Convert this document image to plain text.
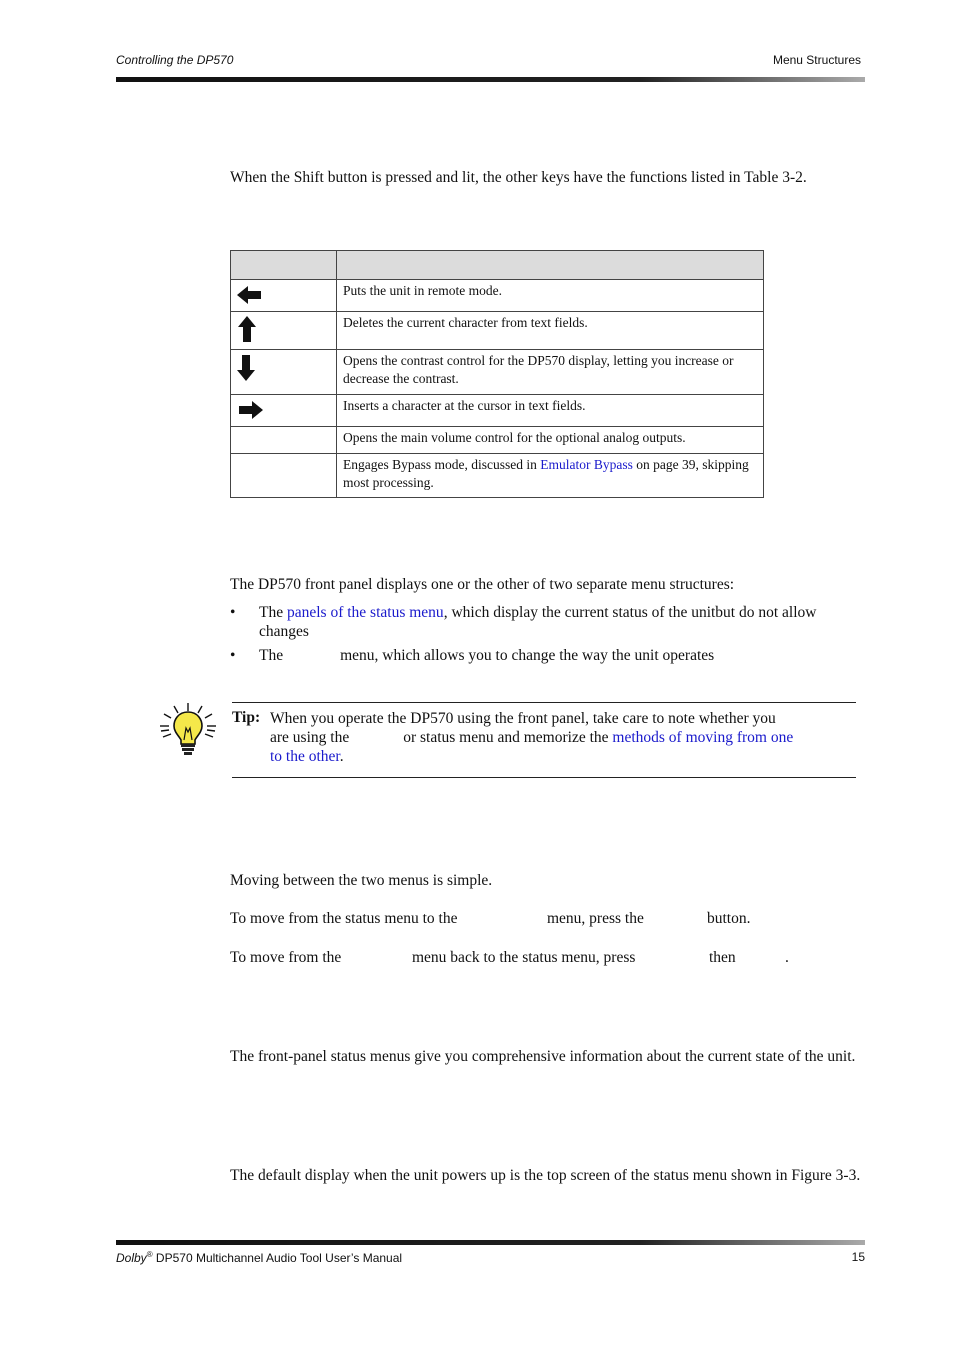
Controlling the DP570	Menu Structures
When the Shift button is pressed and lit, the other keys have the functions listed in Table 3-2.

	Puts the unit in remote mode.
	Deletes the current character from text fields.
	Opens the contrast control for the DP570 display, letting you increase or decrease the contrast.
	Inserts a character at the cursor in text fields.
	Opens the main volume control for the optional analog outputs.
	Engages Bypass mode, discussed in Emulator Bypass on page 39, skipping most processing.
The DP570 front panel displays one or the other of two separate menu structures:
• The panels of the status menu, which display the current status of the unitbut do not allow changes
• The	menu, which allows you to change the way the unit operates
Tip: When you operate the DP570 using the front panel, take care to note whether you
are using the	or status menu and memorize the methods of moving from one
to the other.
Moving between the two menus is simple.
To move from the status menu to the	menu, press the	button.
To move from the	menu back to the status menu, press	then	.
The front-panel status menus give you comprehensive information about the current state of the unit.
The default display when the unit powers up is the top screen of the status menu shown in Figure 3-3.
Dolby® DP570 Multichannel Audio Tool User’s Manual	15
